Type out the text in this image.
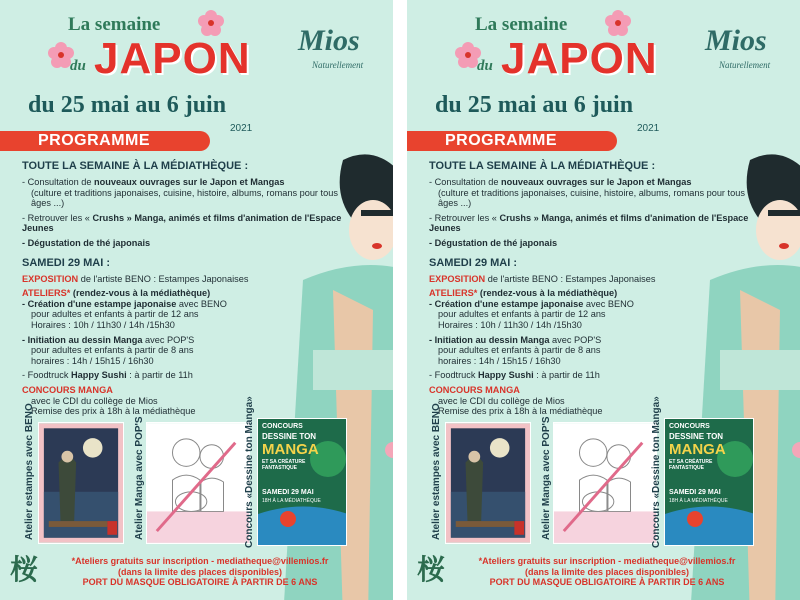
La semaine
du JAPON
du 25 mai au 6 juin
2021
Mios
Naturellement
PROGRAMME
TOUTE LA SEMAINE À LA MÉDIATHÈQUE :
- Consultation de nouveaux ouvrages sur le Japon et Mangas
(culture et traditions japonaises, cuisine, histoire, albums, romans pour tous âges ...)
- Retrouver les « Crushs » Manga, animés et films d'animation de l'Espace Jeunes
- Dégustation de thé japonais
SAMEDI 29 MAI :
EXPOSITION de l'artiste BENO : Estampes Japonaises
ATELIERS* (rendez-vous à la médiathèque)
- Création d'une estampe japonaise avec BENO
pour adultes et enfants à partir de 12 ans
Horaires : 10h / 11h30 / 14h /15h30
- Initiation au dessin Manga avec POP'S
pour adultes et enfants à partir de 8 ans
horaires : 14h / 15h15 / 16h30
- Foodtruck Happy Sushi : à partir de 11h
CONCOURS MANGA
avec le CDI du collège de Mios
Remise des prix à 18h à la médiathèque
Atelier estampes avec BENO	Atelier Manga avec POP'S	Concours «Dessine ton Manga» CONCOURS
DESSINE TON
MANGA
ET SA CRÉATURE FANTASTIQUE
SAMEDI 29 MAI
18H À LA MÉDIATHÈQUE
桜	*Ateliers gratuits sur inscription - mediatheque@villemios.fr
(dans la limite des places disponibles)
PORT DU MASQUE OBLIGATOIRE À PARTIR DE 6 ANS
La semaine
du JAPON
du 25 mai au 6 juin
2021
Mios
Naturellement
PROGRAMME
TOUTE LA SEMAINE À LA MÉDIATHÈQUE :
- Consultation de nouveaux ouvrages sur le Japon et Mangas
(culture et traditions japonaises, cuisine, histoire, albums, romans pour tous âges ...)
- Retrouver les « Crushs » Manga, animés et films d'animation de l'Espace Jeunes
- Dégustation de thé japonais
SAMEDI 29 MAI :
EXPOSITION de l'artiste BENO : Estampes Japonaises
ATELIERS* (rendez-vous à la médiathèque)
- Création d'une estampe japonaise avec BENO
pour adultes et enfants à partir de 12 ans
Horaires : 10h / 11h30 / 14h /15h30
- Initiation au dessin Manga avec POP'S
pour adultes et enfants à partir de 8 ans
horaires : 14h / 15h15 / 16h30
- Foodtruck Happy Sushi : à partir de 11h
CONCOURS MANGA
avec le CDI du collège de Mios
Remise des prix à 18h à la médiathèque
Atelier estampes avec BENO	Atelier Manga avec POP'S	Concours «Dessine ton Manga» CONCOURS
DESSINE TON
MANGA
ET SA CRÉATURE FANTASTIQUE
SAMEDI 29 MAI
18H À LA MÉDIATHÈQUE
桜	*Ateliers gratuits sur inscription - mediatheque@villemios.fr
(dans la limite des places disponibles)
PORT DU MASQUE OBLIGATOIRE À PARTIR DE 6 ANS
